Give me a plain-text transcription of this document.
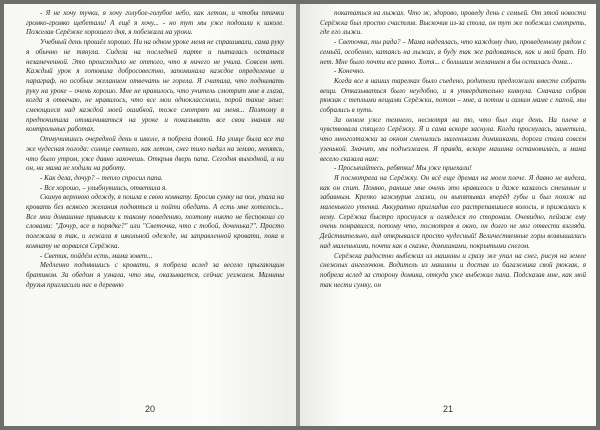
- Я не хочу тучки, я хочу голубое-голубое небо, как летом, и чтобы птички громко-громко щебетали! А ещё я хочу... - но тут мы уже подошли к школе. Пожелав Серёжке хорошего дня, я побежала на уроки.

Учебный день прошёл хорошо. Ни на одном уроке меня не спрашивали, сама руку я обычно не тянула. Сидела на последней парте и пыталась остаться незамеченной. Это происходило не оттого, что я ничего не учила. Совсем нет. Каждый урок я готовила добросовестно, запоминала каждое определение и параграф, но особым желанием отвечать не горела. Я считала, что поднимать руку на уроке – очень хорошо. Мне не нравилось, что учитель смотрит мне в глаза, когда я отвечаю, не нравилось, что все мои одноклассники, порой такие злые: смеющиеся над каждой моей ошибкой, тоже смотрят на меня... Поэтому я предпочитала отмалчиваться на уроке и показывать все свои знания на контрольных работах.

Отмучившись очередной день в школе, я побрела домой. На улице была все та же чудесная погода: солнце светило, как летом, снег тихо падал на землю, меняясь, что было утром, уже давно захочешь. Открыв дверь папа. Сегодня выходной, и ни он, ни мама не ходили на работу.

- Как дела, дочур? – тепло спросил папа.

- Все хорошо, – улыбнувшись, ответила я.

Скинув верхнюю одежду, я пошла в свою комнату. Бросив сумку на пол, упала на кровать без всякого желания подняться и пойти обедать. А есть мне хотелось... Все мои домашние привыкли к такому поведению, поэтому никто не беспокоил со словами: "Дочур, все в порядке?" или "Светочка, что с тобой, доченька?". Просто полежала я так, и лежала я школьной одежде, на заправленной кровати, пока в комнату не ворвался Серёжка.

- Светик, пойдём есть, мама зовет...

Медленно поднявшись с кровати, я побрела вслед за весело прыгающим братиком. За обедом я узнала, что мы, оказывается, сейчас уезжаем. Мамины друзья пригласили нас в деревню

20

покататься на лыжах. Что ж, здорово, проведу день с семьей. От этой новости Серёжка был просто счастлив. Выскочив из-за стола, он тут же побежал смотреть, где его лыжи.

- Светочка, ты рада? – Мама надеялась, что каждому дню, проведенному рядом с семьёй, особенно, катаясь на лыжах, я буду так же радоваться, как и мой брат. Но нет. Мне было почти все равно. Хотя... с большим желанием я бы осталась дома...

- Конечно.

Когда все в наших тарелках было съедено, родители предложили вместе собрать вещи. Отказываться было неудобно, и я утвердительно кивнула. Сначала собрав рюкзак с теплыми вещами Серёжки, потом – мне, а потом и самим маме с папой, мы собрались в путь.

За окном уже темнело, несмотря на то, что был еще день. На плече я чувствовала спящего Серёжку. Я и сама вскоре заснула. Когда проснулась, заметила, что многоэтажки за окном сменились маленькими домишками, дорога стала совсем узенькой. Значит, мы подъезжаем. Я правда, вскоре машина остановилась, и мама весело сказала нам:

- Просыпайтесь, ребятки! Мы уже приехали!

Я посмотрела на Серёжку. Он всё еще дремал на моем плече. Я давно не видела, как он спит. Помню, раньше мне очень это нравилось и даже казалось смешным и забавным. Крепко зажмурив глазки, он выпятывал вперёд губы и был похож на маленького утенка. Аккуратно пригладив его растрепавшиеся волосы, я прижалась к нему. Серёжка быстро проснулся и огляделся по сторонам. Очевидно, пейзаж ему очень понравился, потому что, посмотрев в окно, он долго не мог отвести взгляда. Действительно, вид открывался просто чудесный! Величественные горы возвышались над маленькими, почти как в сказке, домишками, покрытыми снегом.

Серёжка радостно выбежал из машины и сразу же упал на снег, рисуя на земле снежных ангелочков. Водитель из машины и достав из багажника свой рюкзак, я побрела вслед за сторону домика, откуда уже выбежал папа. Подсказав мне, как мой так нести сумку, он

21
